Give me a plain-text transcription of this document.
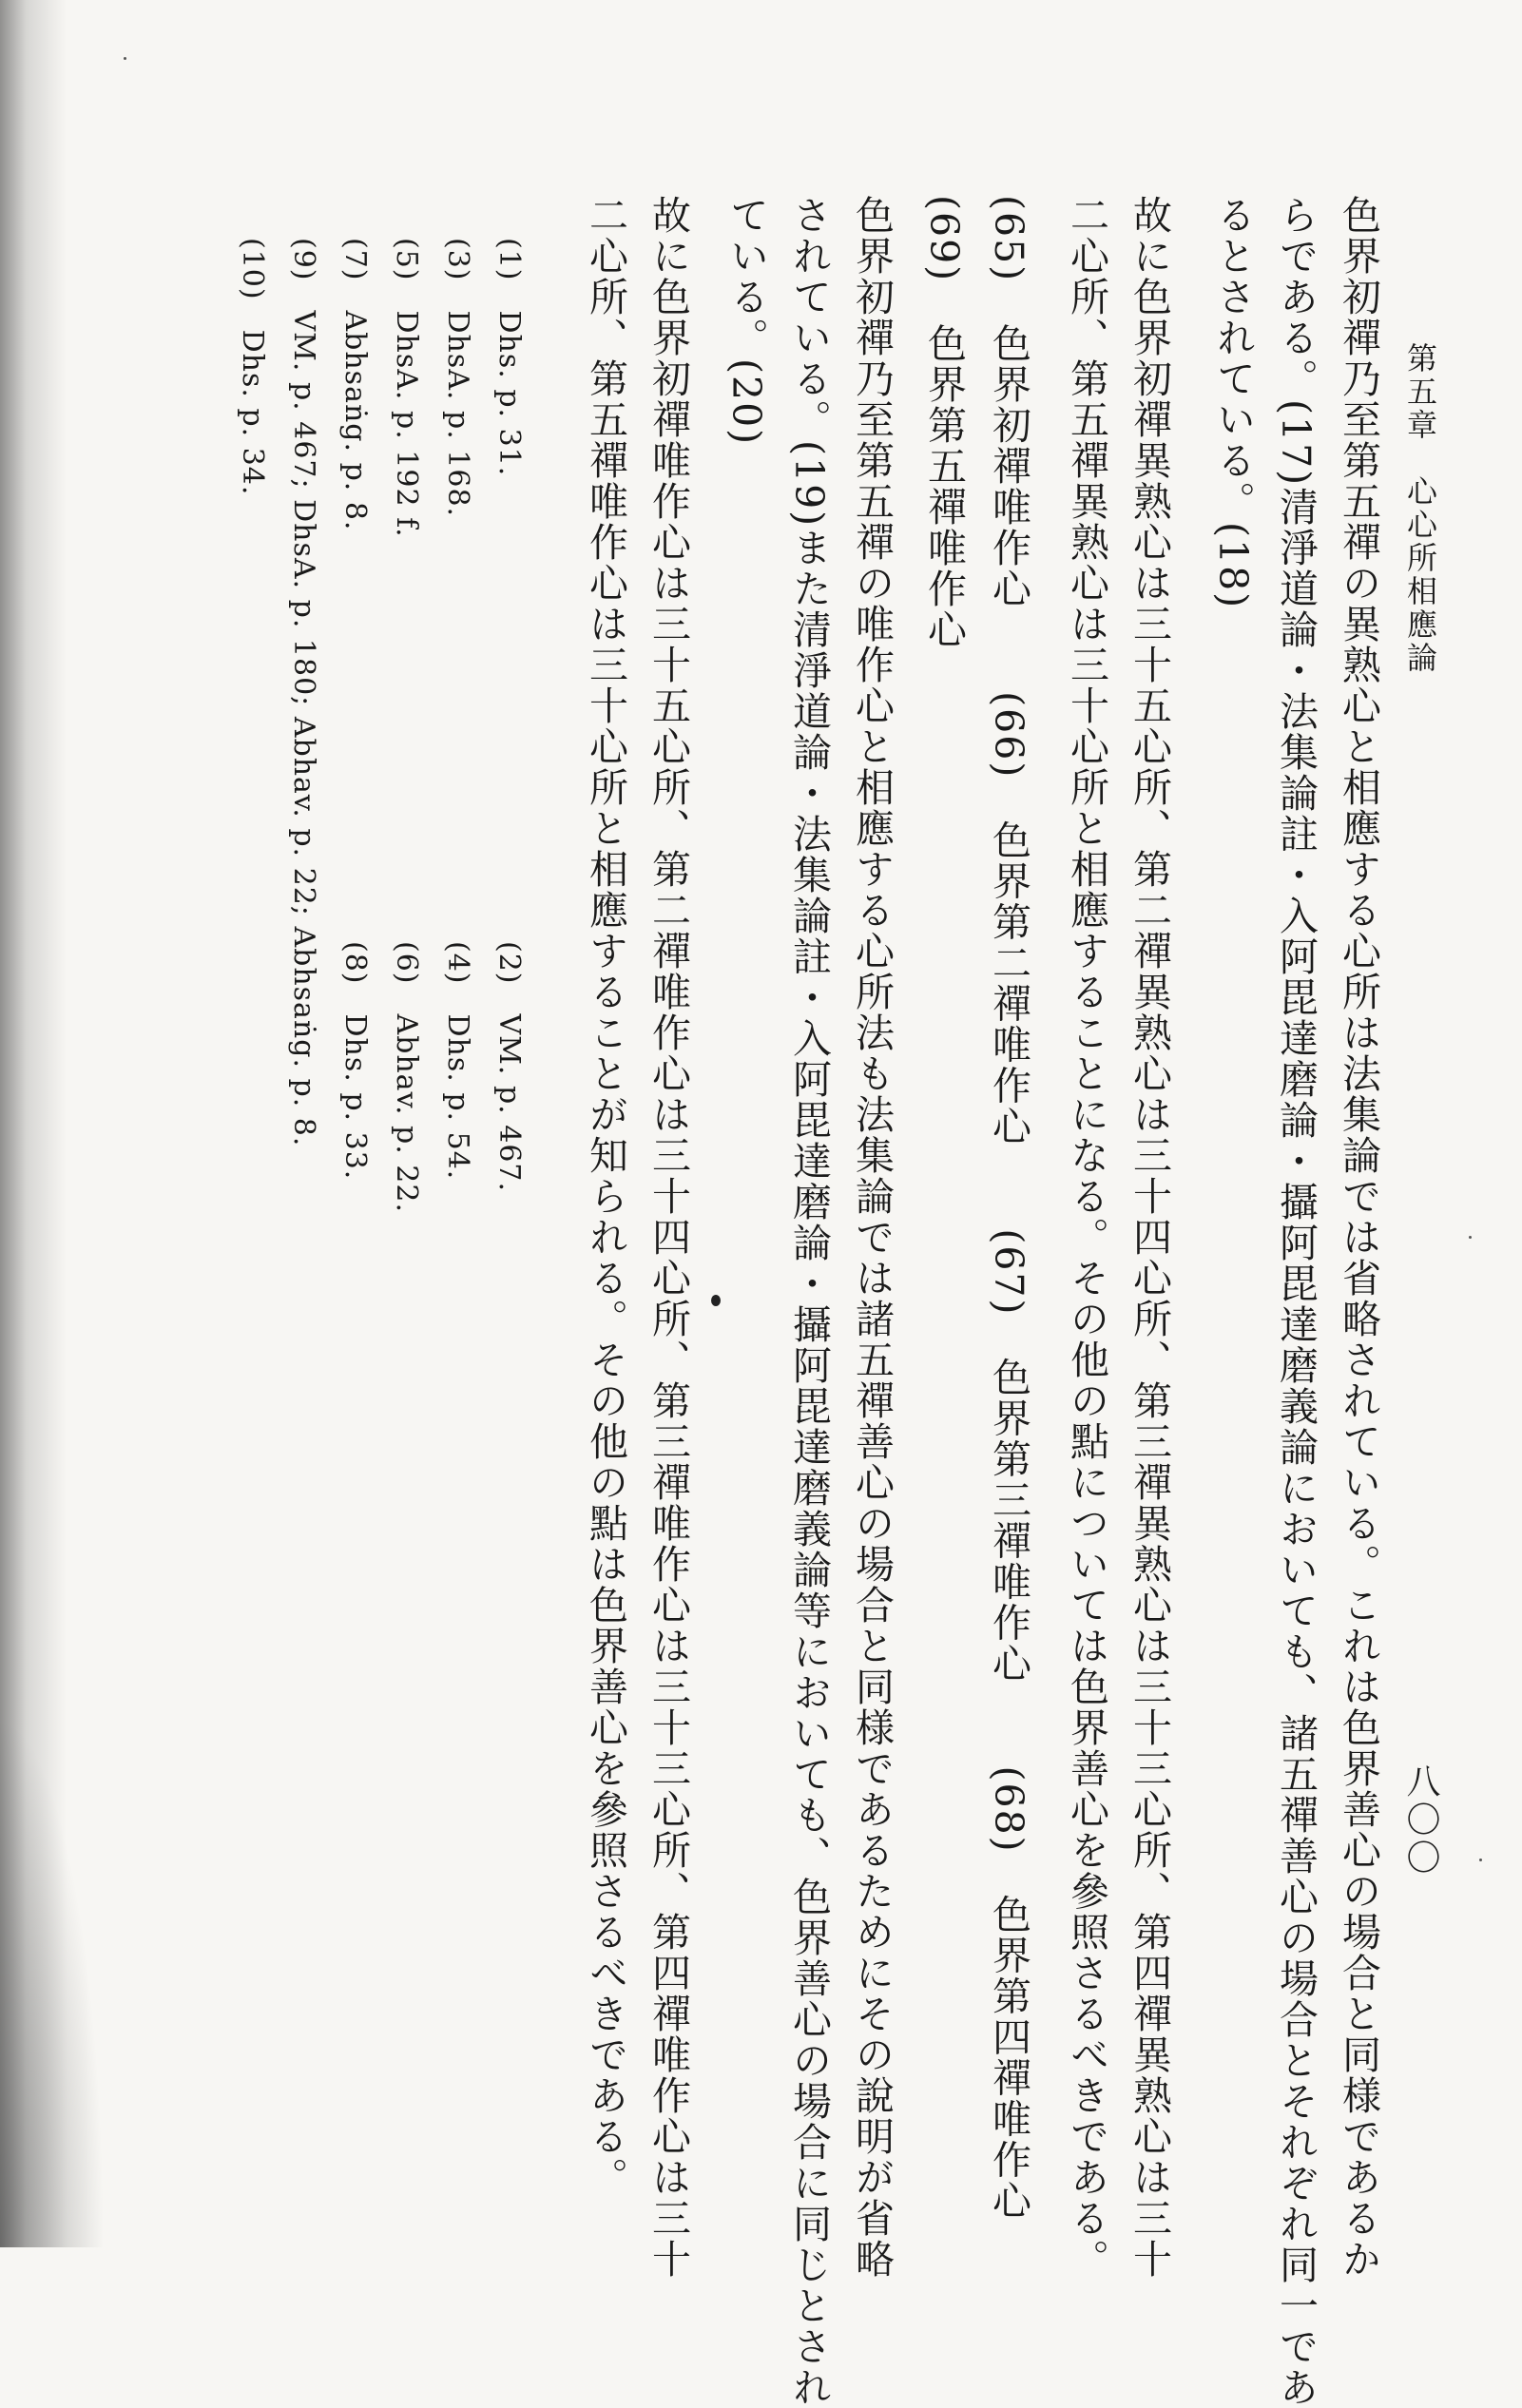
第五章　心心所相應論
八〇〇
色界初禪乃至第五禪の異熟心と相應する心所は法集論では省略されている。これは色界善心の場合と同様であるか
らである。(17)清淨道論・法集論註・入阿毘達磨論・攝阿毘達磨義論においても、諸五禪善心の場合とそれぞれ同一であ
るとされている。(18)
故に色界初禪異熟心は三十五心所、第二禪異熟心は三十四心所、第三禪異熟心は三十三心所、第四禪異熟心は三十
二心所、第五禪異熟心は三十心所と相應することになる。その他の點については色界善心を參照さるべきである。
(65)　色界初禪唯作心　　(66)　色界第二禪唯作心　　(67)　色界第三禪唯作心　　(68)　色界第四禪唯作心
(69)　色界第五禪唯作心
色界初禪乃至第五禪の唯作心と相應する心所法も法集論では諸五禪善心の場合と同様であるためにその說明が省略
されている。(19)また清淨道論・法集論註・入阿毘達磨論・攝阿毘達磨義論等においても、色界善心の場合に同じとされ
ている。(20)
故に色界初禪唯作心は三十五心所、第二禪唯作心は三十四心所、第三禪唯作心は三十三心所、第四禪唯作心は三十
二心所、第五禪唯作心は三十心所と相應することが知られる。その他の點は色界善心を參照さるべきである。
(1)　Dhs. p. 31.
(2)　VM. p. 467.
(3)　DhsA. p. 168.
(4)　Dhs. p. 54.
(5)　DhsA. p. 192 f.
(6)　Abhav. p. 22.
(7)　Abhsaṅg. p. 8.
(8)　Dhs. p. 33.
(9)　VM. p. 467; DhsA. p. 180; Abhav. p. 22; Abhsaṅg. p. 8.
(10)　Dhs. p. 34.
